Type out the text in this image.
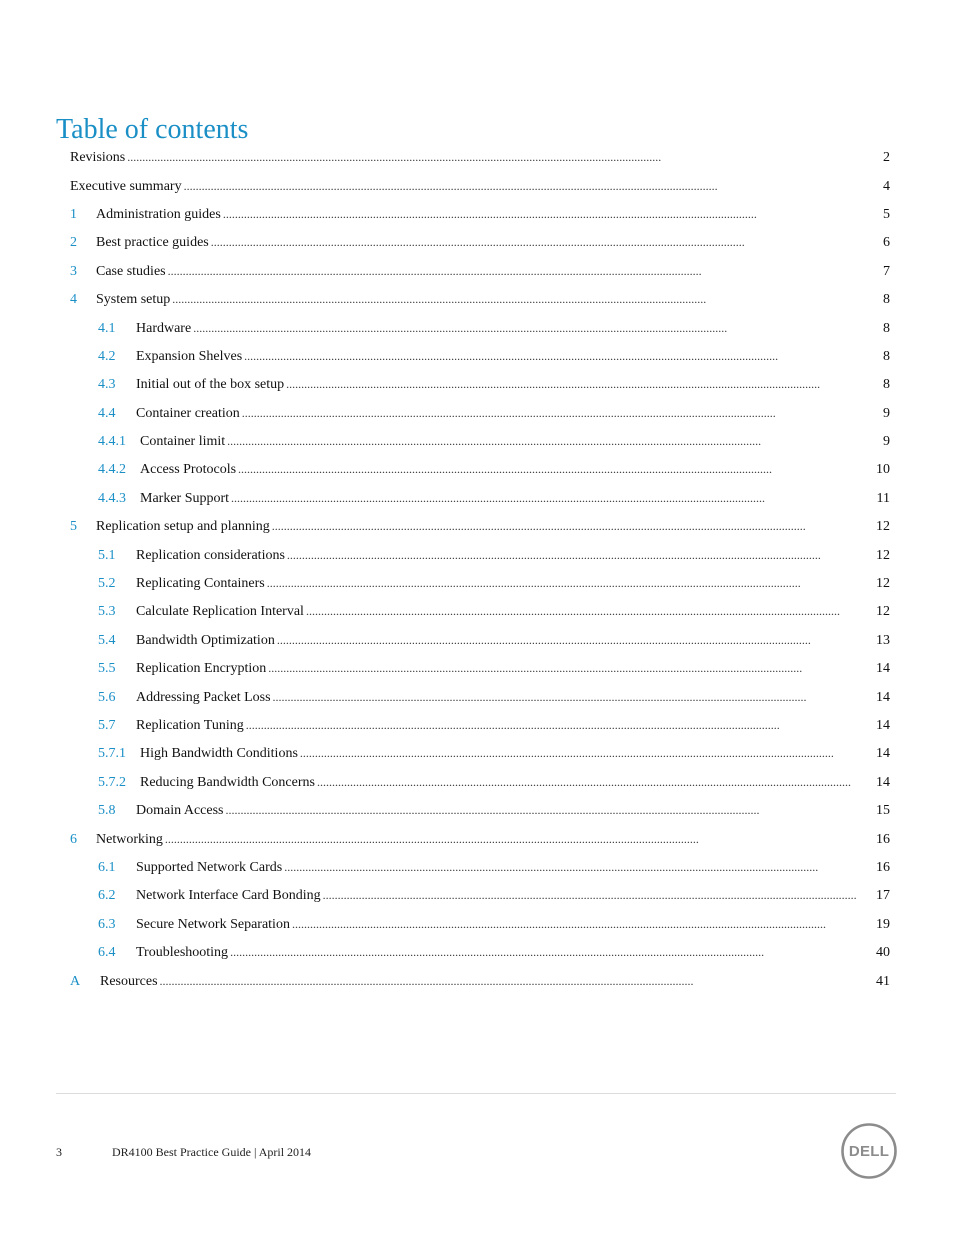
Table of contents
Revisions . . .	2
Executive summary . . .	4
1	Administration guides . . .	5
2	Best practice guides . . .	6
3	Case studies . . .	7
4	System setup . . .	8
4.1	Hardware . . .	8
4.2	Expansion Shelves . . .	8
4.3	Initial out of the box setup . . .	8
4.4	Container creation . . .	9
4.4.1	Container limit . . .	9
4.4.2	Access Protocols . . .	10
4.4.3	Marker Support . . .	11
5	Replication setup and planning . . .	12
5.1	Replication considerations . . .	12
5.2	Replicating Containers . . .	12
5.3	Calculate Replication Interval . . .	12
5.4	Bandwidth Optimization . . .	13
5.5	Replication Encryption . . .	14
5.6	Addressing Packet Loss . . .	14
5.7	Replication Tuning . . .	14
5.7.1	High Bandwidth Conditions . . .	14
5.7.2	Reducing Bandwidth Concerns . . .	14
5.8	Domain Access . . .	15
6	Networking . . .	16
6.1	Supported Network Cards . . .	16
6.2	Network Interface Card Bonding . . .	17
6.3	Secure Network Separation . . .	19
6.4	Troubleshooting . . .	40
A	Resources . . .	41
3	DR4100 Best Practice Guide | April 2014	DELL
